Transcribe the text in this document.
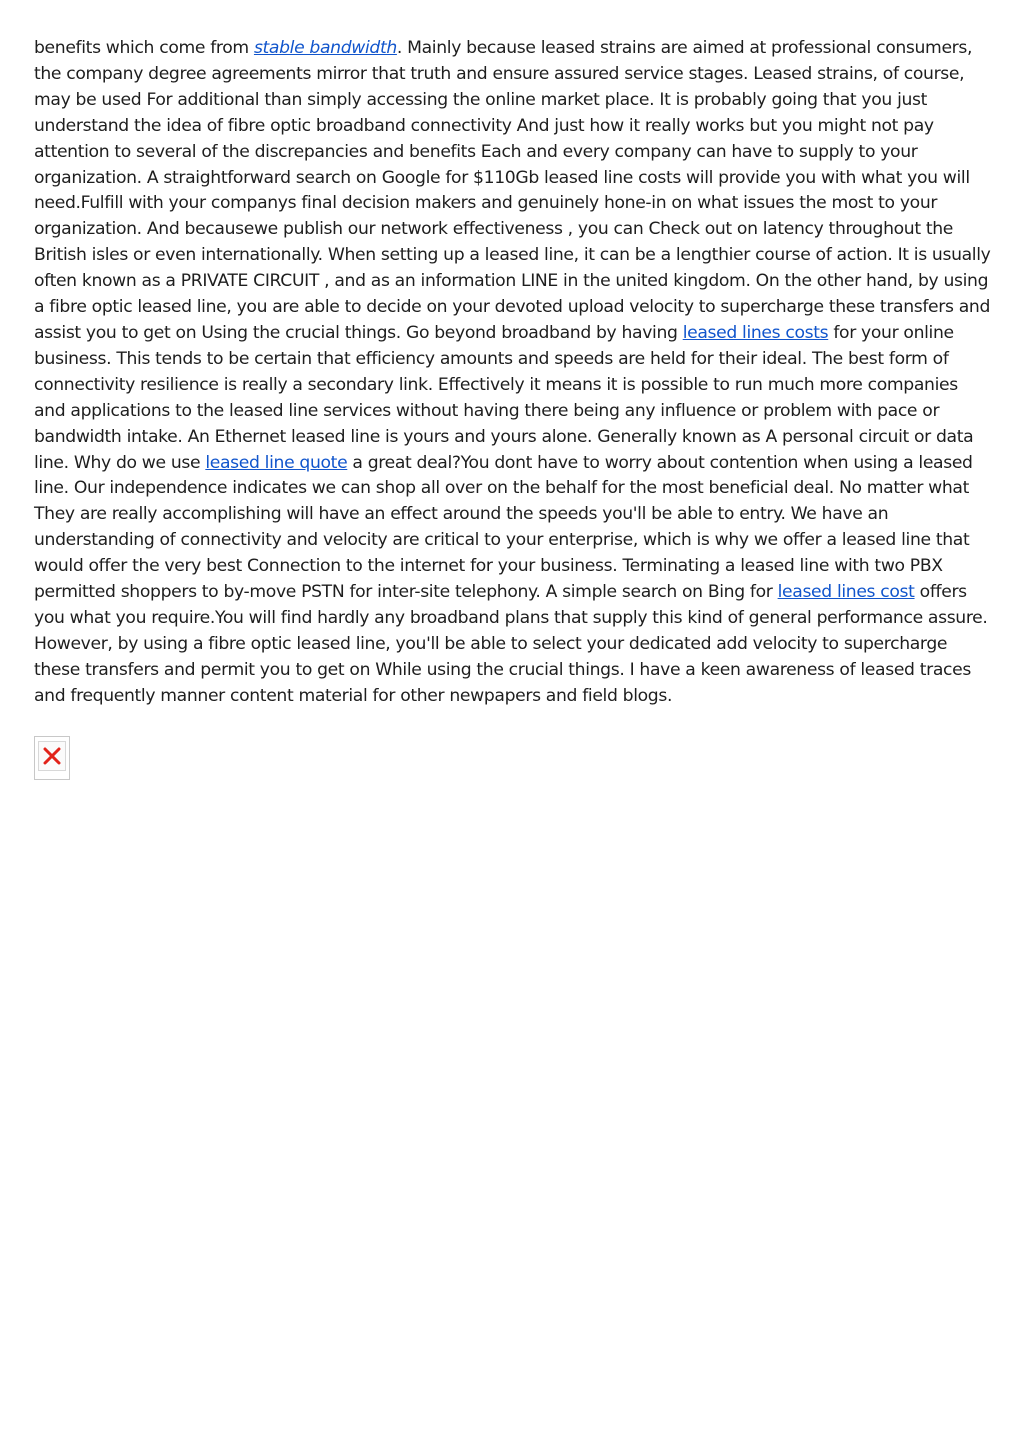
benefits which come from stable bandwidth. Mainly because leased strains are aimed at professional consumers, the company degree agreements mirror that truth and ensure assured service stages. Leased strains, of course, may be used For additional than simply accessing the online market place. It is probably going that you just understand the idea of fibre optic broadband connectivity And just how it really works but you might not pay attention to several of the discrepancies and benefits Each and every company can have to supply to your organization. A straightforward search on Google for $110Gb leased line costs will provide you with what you will need.Fulfill with your companys final decision makers and genuinely hone-in on what issues the most to your organization. And becausewe publish our network effectiveness , you can Check out on latency throughout the British isles or even internationally. When setting up a leased line, it can be a lengthier course of action. It is usually often known as a PRIVATE CIRCUIT , and as an information LINE in the united kingdom. On the other hand, by using a fibre optic leased line, you are able to decide on your devoted upload velocity to supercharge these transfers and assist you to get on Using the crucial things. Go beyond broadband by having leased lines costs for your online business. This tends to be certain that efficiency amounts and speeds are held for their ideal. The best form of connectivity resilience is really a secondary link. Effectively it means it is possible to run much more companies and applications to the leased line services without having there being any influence or problem with pace or bandwidth intake. An Ethernet leased line is yours and yours alone. Generally known as A personal circuit or data line. Why do we use leased line quote a great deal?You dont have to worry about contention when using a leased line. Our independence indicates we can shop all over on the behalf for the most beneficial deal. No matter what They are really accomplishing will have an effect around the speeds you'll be able to entry. We have an understanding of connectivity and velocity are critical to your enterprise, which is why we offer a leased line that would offer the very best Connection to the internet for your business. Terminating a leased line with two PBX permitted shoppers to by-move PSTN for inter-site telephony. A simple search on Bing for leased lines cost offers you what you require.You will find hardly any broadband plans that supply this kind of general performance assure. However, by using a fibre optic leased line, you'll be able to select your dedicated add velocity to supercharge these transfers and permit you to get on While using the crucial things. I have a keen awareness of leased traces and frequently manner content material for other newpapers and field blogs.
